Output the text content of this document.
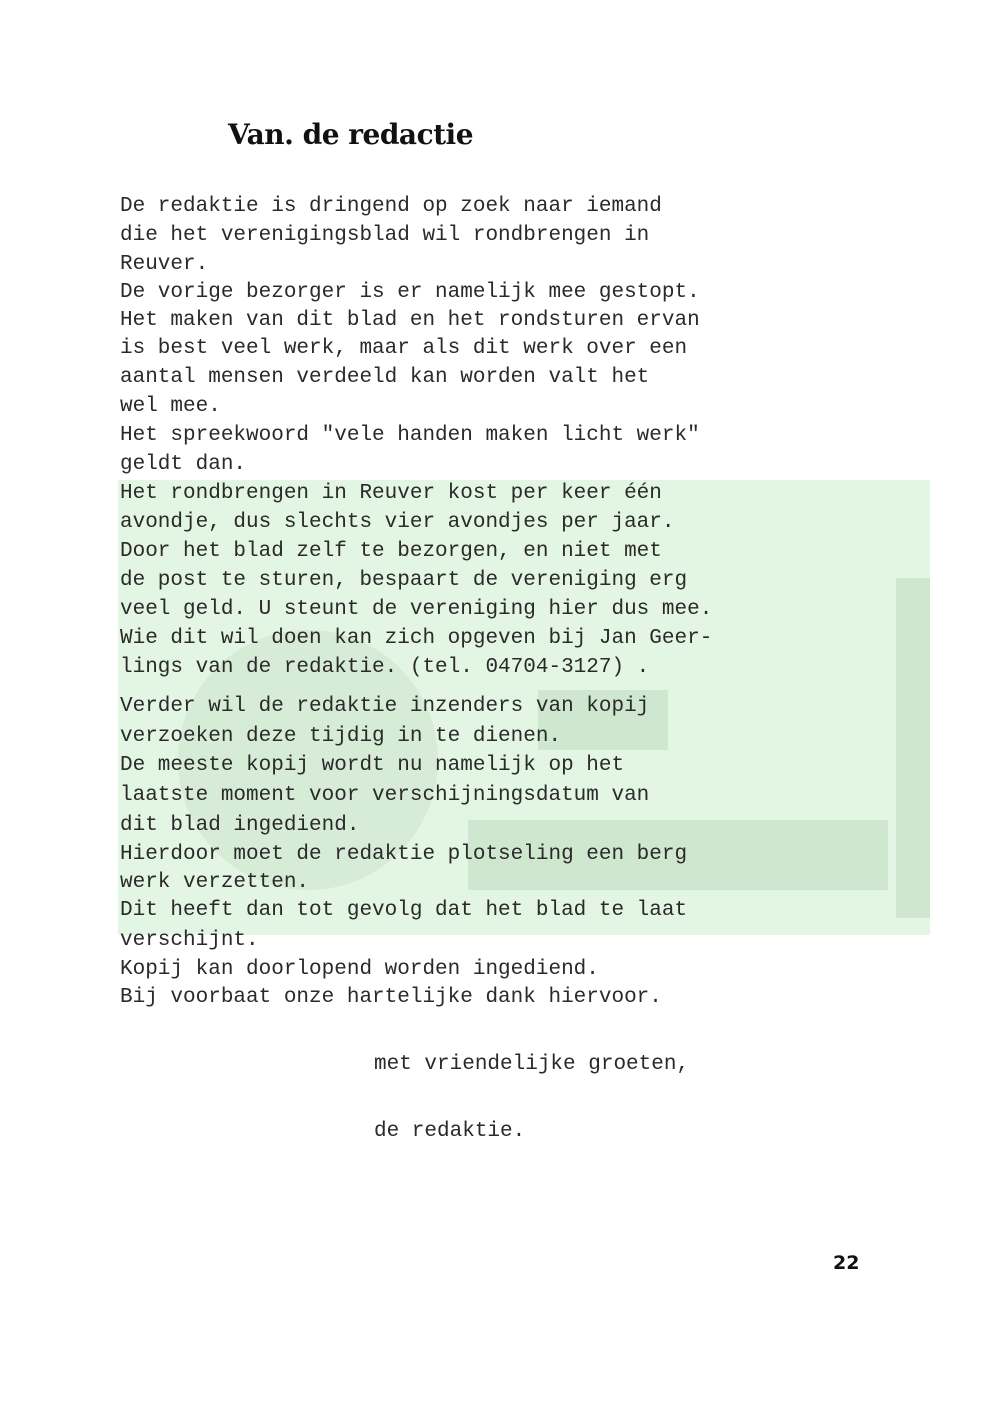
Van. de redactie
De redaktie is dringend op zoek naar iemand
die het verenigingsblad wil rondbrengen in
Reuver.
De vorige bezorger is er namelijk mee gestopt.
Het maken van dit blad en het rondsturen ervan
is best veel werk, maar als dit werk over een
aantal mensen verdeeld kan worden valt het
wel mee.
Het spreekwoord "vele handen maken licht werk"
geldt dan.
Het rondbrengen in Reuver kost per keer één
avondje, dus slechts vier avondjes per jaar.
Door het blad zelf te bezorgen, en niet met
de post te sturen, bespaart de vereniging erg
veel geld. U steunt de vereniging hier dus mee.
Wie dit wil doen kan zich opgeven bij Jan Geer-
lings van de redaktie. (tel. 04704-3127) .
Verder wil de redaktie inzenders van kopij
verzoeken deze tijdig in te dienen.
De meeste kopij wordt nu namelijk op het
laatste moment voor verschijningsdatum van
dit blad ingediend.
Hierdoor moet de redaktie plotseling een berg
werk verzetten.
Dit heeft dan tot gevolg dat het blad te laat
verschijnt.
Kopij kan doorlopend worden ingediend.
Bij voorbaat onze hartelijke dank hiervoor.
met vriendelijke groeten,
de redaktie.
22
